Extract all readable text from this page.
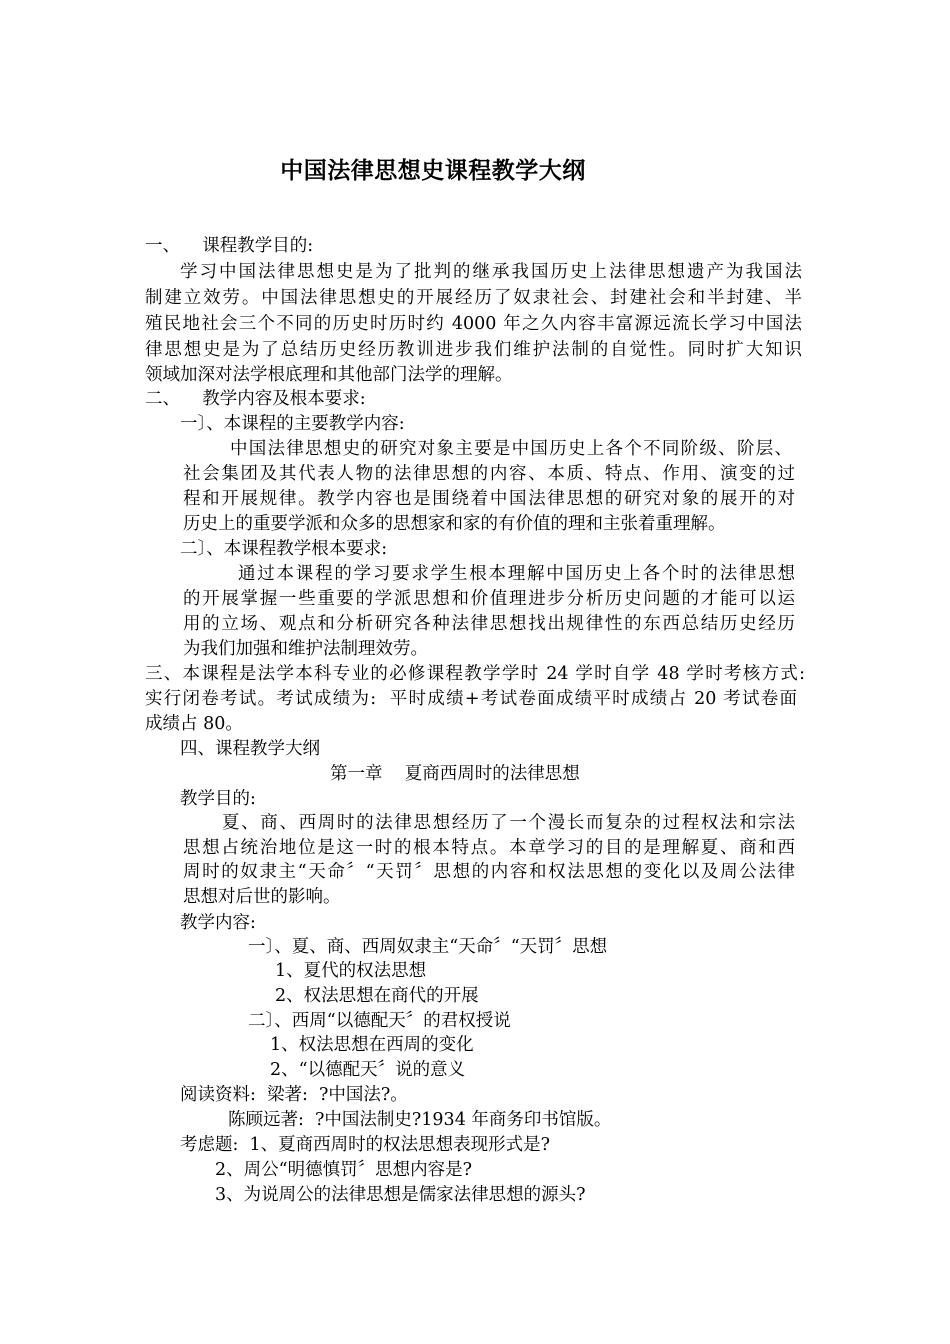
中国法律思想史课程教学大纲
一、    课程教学目的:
学习中国法律思想史是为了批判的继承我国历史上法律思想遗产为我国法
制建立效劳。中国法律思想史的开展经历了奴隶社会、封建社会和半封建、半
殖民地社会三个不同的历史时历时约 4000 年之久内容丰富源远流长学习中国法
律思想史是为了总结历史经历教训进步我们维护法制的自觉性。同时扩大知识
领域加深对法学根底理和其他部门法学的理解。
二、    教学内容及根本要求:
一〕、本课程的主要教学内容:
中国法律思想史的研究对象主要是中国历史上各个不同阶级、阶层、
社会集团及其代表人物的法律思想的内容、本质、特点、作用、演变的过
程和开展规律。教学内容也是围绕着中国法律思想的研究对象的展开的对
历史上的重要学派和众多的思想家和家的有价值的理和主张着重理解。
二〕、本课程教学根本要求:
通过本课程的学习要求学生根本理解中国历史上各个时的法律思想
的开展掌握一些重要的学派思想和价值理进步分析历史问题的才能可以运
用的立场、观点和分析研究各种法律思想找出规律性的东西总结历史经历
为我们加强和维护法制理效劳。
三、本课程是法学本科专业的必修课程教学学时 24 学时自学 48 学时考核方式:
实行闭卷考试。考试成绩为:  平时成绩+考试卷面成绩平时成绩占 20 考试卷面
成绩占 80。
四、课程教学大纲
第一章    夏商西周时的法律思想
教学目的:
夏、商、西周时的法律思想经历了一个漫长而复杂的过程权法和宗法
思想占统治地位是这一时的根本特点。本章学习的目的是理解夏、商和西
周时的奴隶主“天命〞“天罚〞思想的内容和权法思想的变化以及周公法律
思想对后世的影响。
教学内容:
一〕、夏、商、西周奴隶主“天命〞“天罚〞思想
1、夏代的权法思想
2、权法思想在商代的开展
二〕、西周“以德配天〞的君权授说
1、权法思想在西周的变化
2、“以德配天〞说的意义
阅读资料:  梁著:  ?中国法?。
陈顾远著:  ?中国法制史?1934 年商务印书馆版。
考虑题:  1、夏商西周时的权法思想表现形式是?
2、周公“明德慎罚〞思想内容是?
3、为说周公的法律思想是儒家法律思想的源头?
